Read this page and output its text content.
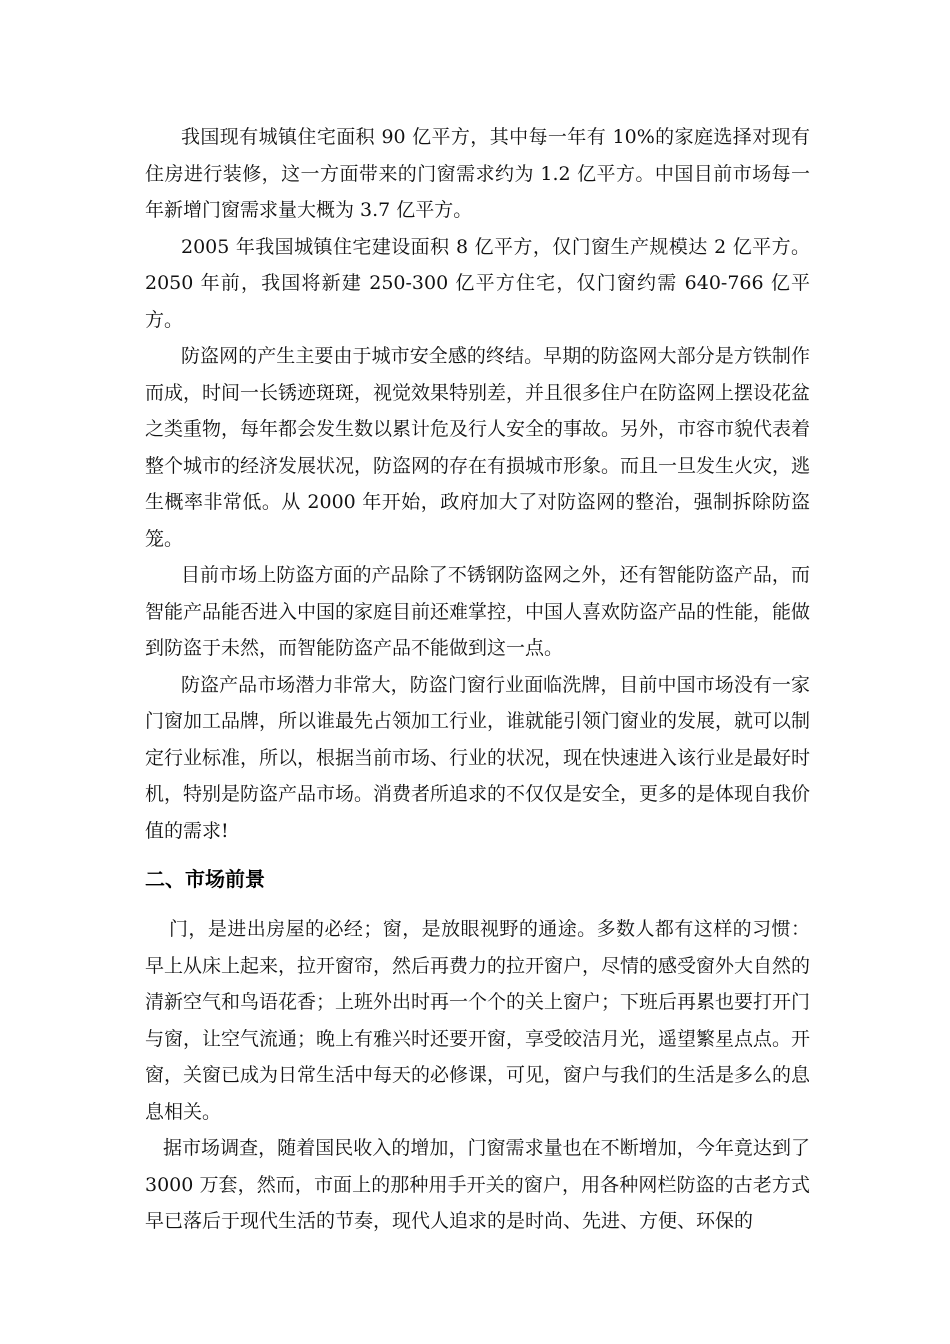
我国现有城镇住宅面积 90 亿平方，其中每一年有 10%的家庭选择对现有住房进行装修，这一方面带来的门窗需求约为 1.2 亿平方。中国目前市场每一年新增门窗需求量大概为 3.7 亿平方。

2005 年我国城镇住宅建设面积 8 亿平方，仅门窗生产规模达 2 亿平方。2050 年前，我国将新建 250-300 亿平方住宅，仅门窗约需 640-766 亿平方。

防盗网的产生主要由于城市安全感的终结。早期的防盗网大部分是方铁制作而成，时间一长锈迹斑斑，视觉效果特别差，并且很多住户在防盗网上摆设花盆之类重物，每年都会发生数以累计危及行人安全的事故。另外，市容市貌代表着整个城市的经济发展状况，防盗网的存在有损城市形象。而且一旦发生火灾，逃生概率非常低。从 2000 年开始，政府加大了对防盗网的整治，强制拆除防盗笼。

目前市场上防盗方面的产品除了不锈钢防盗网之外，还有智能防盗产品，而智能产品能否进入中国的家庭目前还难掌控，中国人喜欢防盗产品的性能，能做到防盗于未然，而智能防盗产品不能做到这一点。

防盗产品市场潜力非常大，防盗门窗行业面临洗牌，目前中国市场没有一家门窗加工品牌，所以谁最先占领加工行业，谁就能引领门窗业的发展，就可以制定行业标准，所以，根据当前市场、行业的状况，现在快速进入该行业是最好时机，特别是防盗产品市场。消费者所追求的不仅仅是安全，更多的是体现自我价值的需求!

二、市场前景

门，是进出房屋的必经；窗，是放眼视野的通途。多数人都有这样的习惯：早上从床上起来，拉开窗帘，然后再费力的拉开窗户，尽情的感受窗外大自然的清新空气和鸟语花香；上班外出时再一个个的关上窗户；下班后再累也要打开门与窗，让空气流通；晚上有雅兴时还要开窗，享受皎洁月光，遥望繁星点点。开窗，关窗已成为日常生活中每天的必修课，可见，窗户与我们的生活是多么的息息相关。

据市场调查，随着国民收入的增加，门窗需求量也在不断增加，今年竟达到了 3000 万套，然而，市面上的那种用手开关的窗户，用各种网栏防盗的古老方式早已落后于现代生活的节奏，现代人追求的是时尚、先进、方便、环保的
